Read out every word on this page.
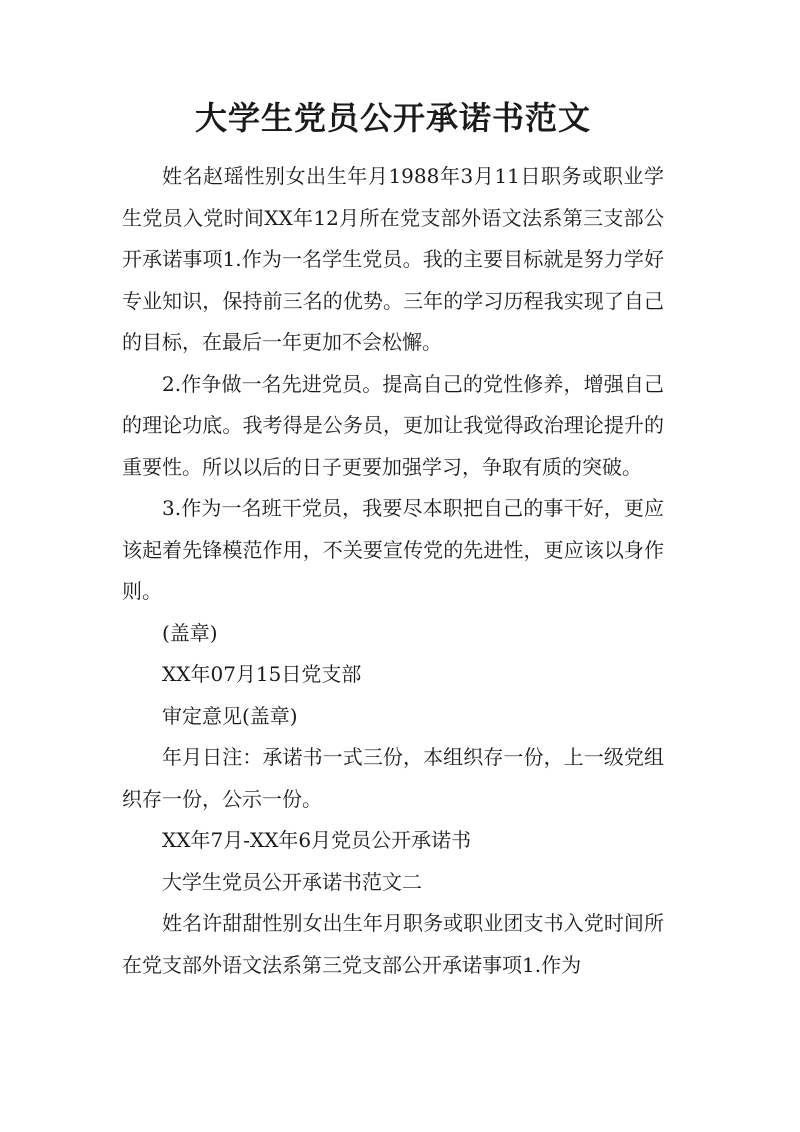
大学生党员公开承诺书范文

姓名赵瑶性别女出生年月1988年3月11日职务或职业学生党员入党时间XX年12月所在党支部外语文法系第三支部公开承诺事项1.作为一名学生党员。我的主要目标就是努力学好专业知识，保持前三名的优势。三年的学习历程我实现了自己的目标，在最后一年更加不会松懈。

2.作争做一名先进党员。提高自己的党性修养，增强自己的理论功底。我考得是公务员，更加让我觉得政治理论提升的重要性。所以以后的日子更要加强学习，争取有质的突破。

3.作为一名班干党员，我要尽本职把自己的事干好，更应该起着先锋模范作用，不关要宣传党的先进性，更应该以身作则。

(盖章)

XX年07月15日党支部

审定意见(盖章)

年月日注：承诺书一式三份，本组织存一份，上一级党组织存一份，公示一份。

XX年7月-XX年6月党员公开承诺书

大学生党员公开承诺书范文二

姓名许甜甜性别女出生年月职务或职业团支书入党时间所在党支部外语文法系第三党支部公开承诺事项1.作为
